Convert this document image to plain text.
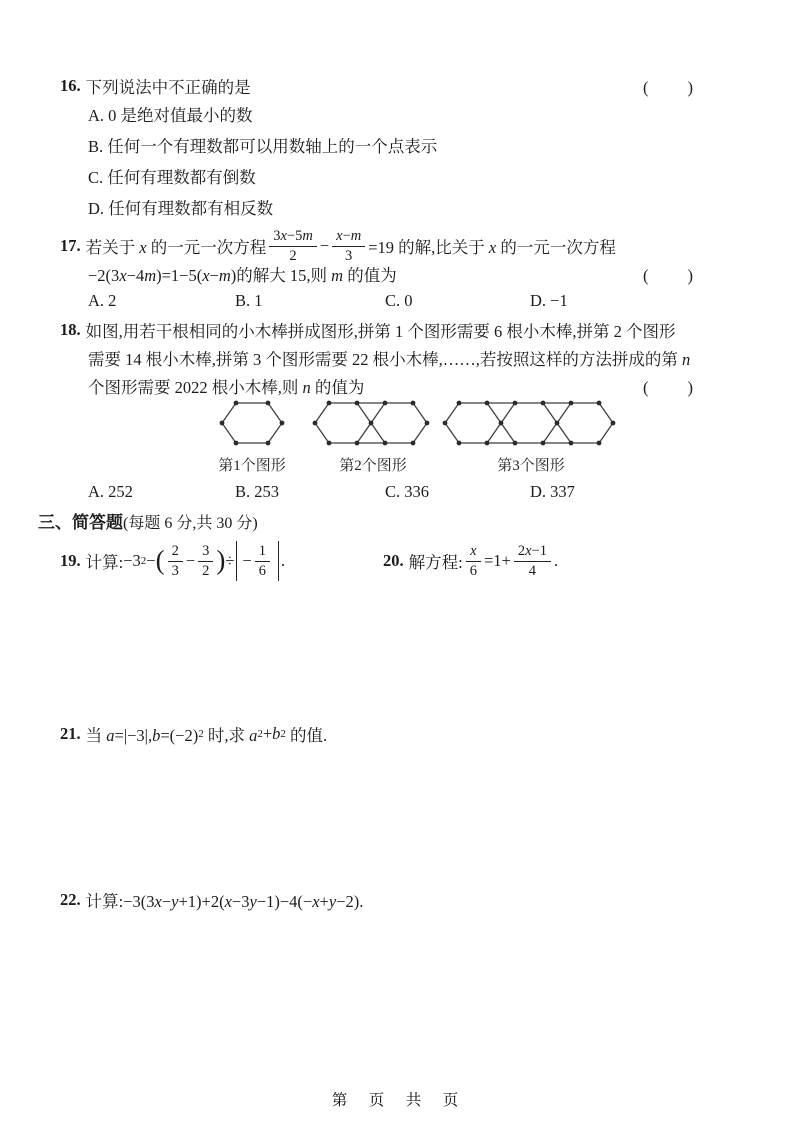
16. 下列说法中不正确的是	(　　)
A. 0 是绝对值最小的数
B. 任何一个有理数都可以用数轴上的一个点表示
C. 任何有理数都有倒数
D. 任何有理数都有相反数
17. 若关于 x 的一元一次方程 $\frac{3x-5m}{2} - \frac{x-m}{3} =19$ 的解,比关于 x 的一元一次方程
−2(3x−4m)=1−5(x−m)的解大 15,则 m 的值为	(　　)
A. 2	B. 1	C. 0	D. −1
18. 如图,用若干根相同的小木棒拼成图形,拼第 1 个图形需要 6 根小木棒,拼第 2 个图形
需要 14 根小木棒,拼第 3 个图形需要 22 根小木棒,……,若按照这样的方法拼成的第 n
个图形需要 2022 根小木棒,则 n 的值为	(　　)
第1个图形	第2个图形	第3个图形
A. 252	B. 253	C. 336	D. 337
三、简答题(每题 6 分,共 30 分)
19. 计算: −3 2 − ( $\frac{2}{3} - \frac{3}{2}$ ) ÷ − $\frac{1}{6}$ .	20. 解方程: $\frac{x}{6} =1+ \frac{2x-1}{4}$ .
21. 当 a=|−3|,b=(−2) 2 时,求 a 2 +b 2 的值.
22. 计算:−3(3x−y+1)+2(x−3y−1)−4(−x+y−2).
第　页　共　页
